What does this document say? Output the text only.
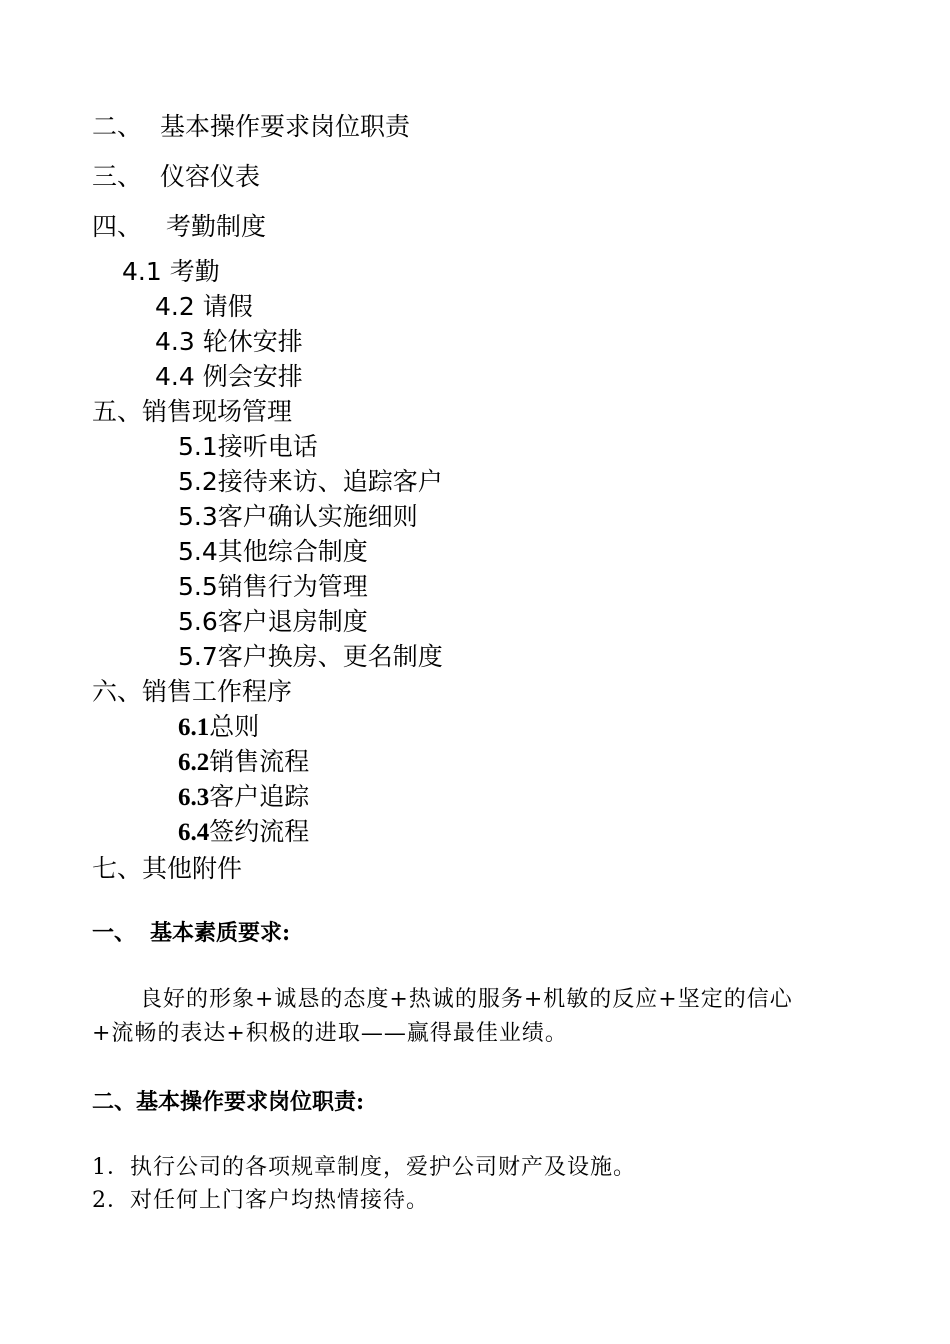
二、 基本操作要求岗位职责
三、 仪容仪表
四、 考勤制度
4.1 考勤
4.2 请假
4.3 轮休安排
4.4 例会安排
五、销售现场管理
5.1接听电话
5.2接待来访、追踪客户
5.3客户确认实施细则
5.4其他综合制度
5.5销售行为管理
5.6客户退房制度
5.7客户换房、更名制度
六、销售工作程序
6.1总则
6.2销售流程
6.3客户追踪
6.4签约流程
七、其他附件
一、 基本素质要求:
良好的形象+诚恳的态度+热诚的服务+机敏的反应+坚定的信心
+流畅的表达+积极的进取——赢得最佳业绩。
二、基本操作要求岗位职责:
1．执行公司的各项规章制度，爱护公司财产及设施。
2．对任何上门客户均热情接待。
